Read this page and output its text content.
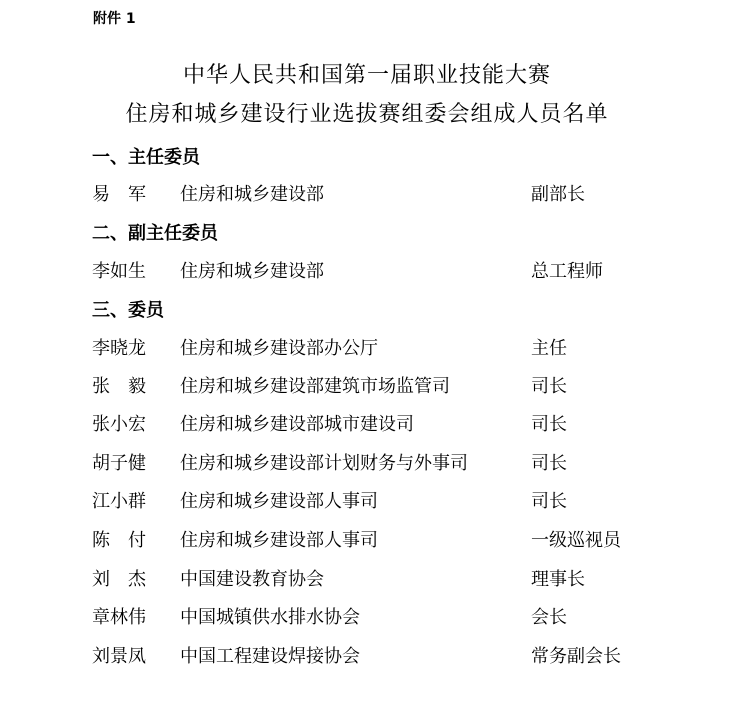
附件 1
中华人民共和国第一届职业技能大赛
住房和城乡建设行业选拔赛组委会组成人员名单
一、主任委员
易　军 住房和城乡建设部	副部长
二、副主任委员
李如生 住房和城乡建设部	总工程师
三、委员
李晓龙 住房和城乡建设部办公厅	主任
张　毅 住房和城乡建设部建筑市场监管司	司长
张小宏 住房和城乡建设部城市建设司	司长
胡子健 住房和城乡建设部计划财务与外事司	司长
江小群 住房和城乡建设部人事司	司长
陈　付 住房和城乡建设部人事司	一级巡视员
刘　杰 中国建设教育协会	理事长
章林伟 中国城镇供水排水协会	会长
刘景凤 中国工程建设焊接协会	常务副会长
